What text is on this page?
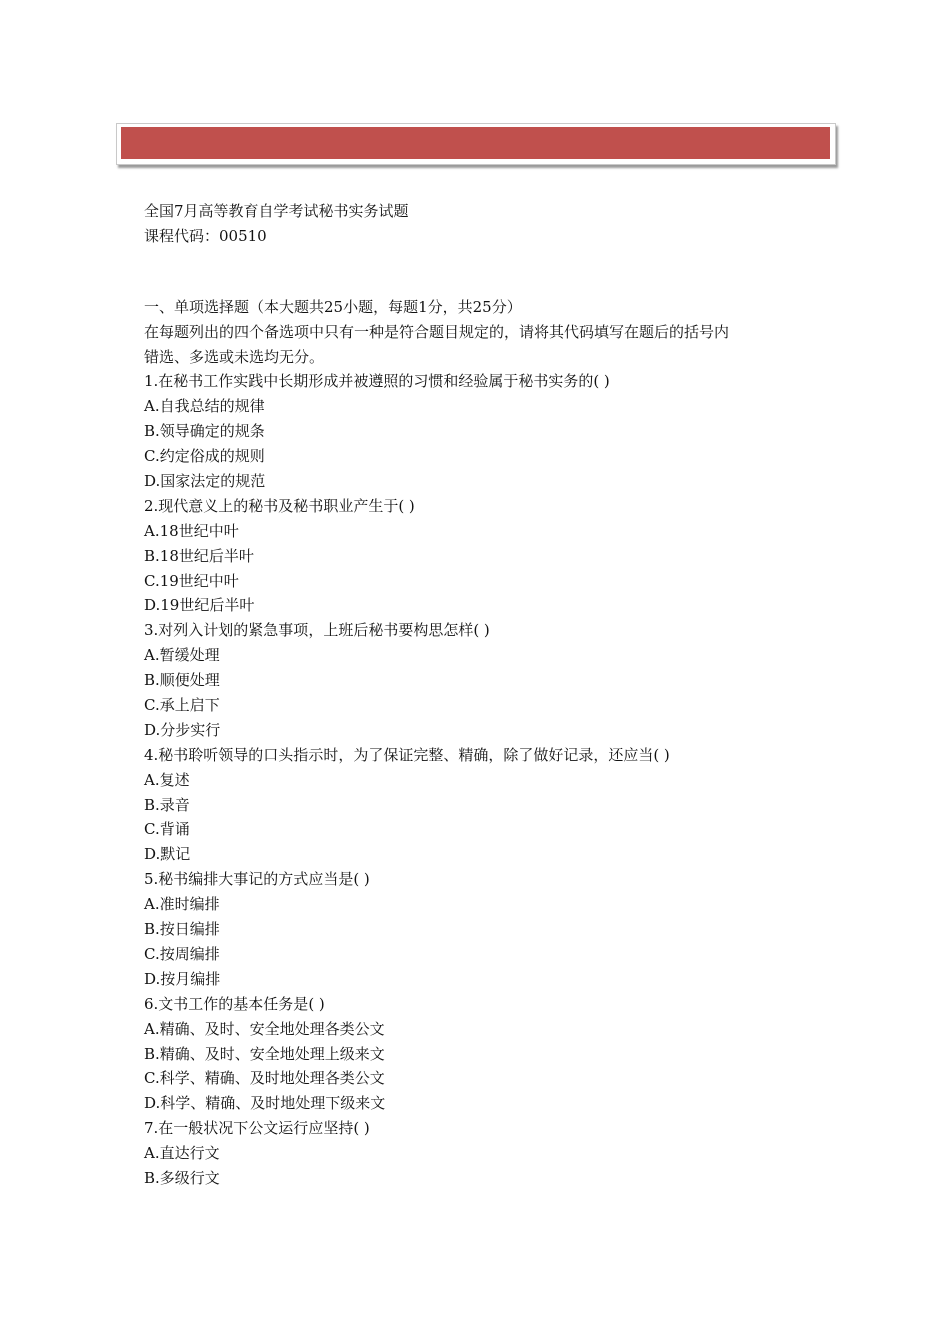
全国7月高等教育自学考试秘书实务试题
课程代码：00510
一、单项选择题（本大题共25小题，每题1分，共25分）
在每题列出的四个备选项中只有一种是符合题目规定的，请将其代码填写在题后的括号内
错选、多选或未选均无分。
1.在秘书工作实践中长期形成并被遵照的习惯和经验属于秘书实务的( )
A.自我总结的规律
B.领导确定的规条
C.约定俗成的规则
D.国家法定的规范
2.现代意义上的秘书及秘书职业产生于( )
A.18世纪中叶
B.18世纪后半叶
C.19世纪中叶
D.19世纪后半叶
3.对列入计划的紧急事项，上班后秘书要构思怎样( )
A.暂缓处理
B.顺便处理
C.承上启下
D.分步实行
4.秘书聆听领导的口头指示时，为了保证完整、精确，除了做好记录，还应当( )
A.复述
B.录音
C.背诵
D.默记
5.秘书编排大事记的方式应当是( )
A.准时编排
B.按日编排
C.按周编排
D.按月编排
6.文书工作的基本任务是( )
A.精确、及时、安全地处理各类公文
B.精确、及时、安全地处理上级来文
C.科学、精确、及时地处理各类公文
D.科学、精确、及时地处理下级来文
7.在一般状况下公文运行应坚持( )
A.直达行文
B.多级行文
